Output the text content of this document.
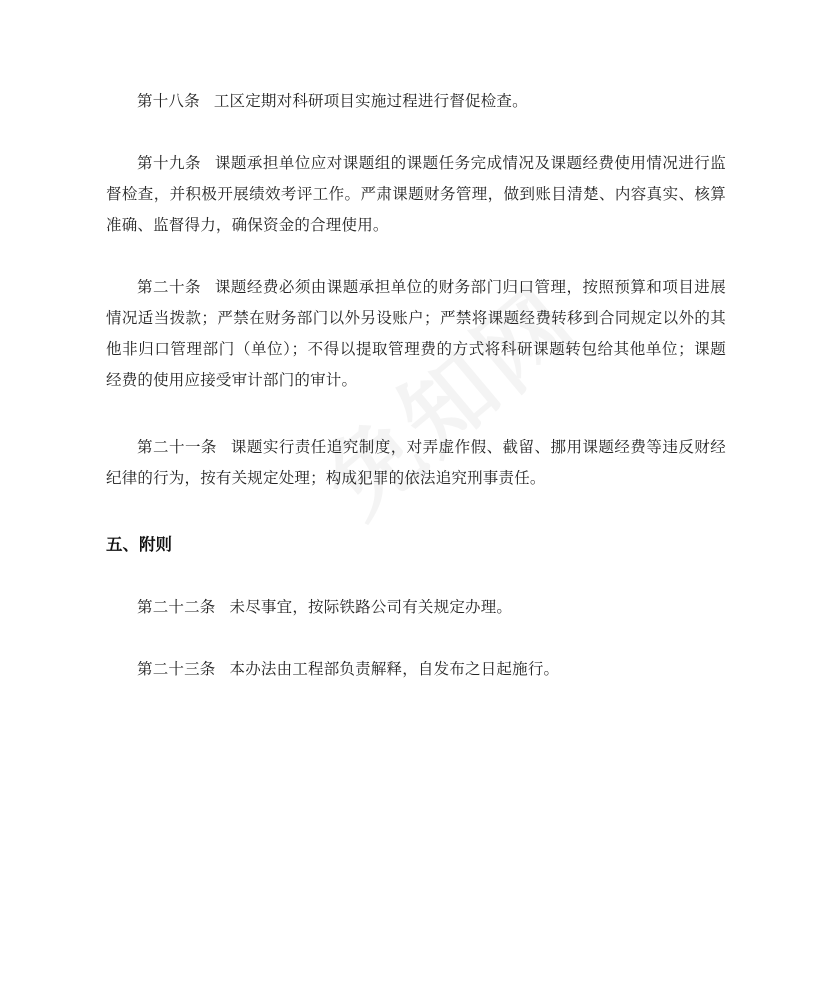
第十八条 工区定期对科研项目实施过程进行督促检查。

第十九条 课题承担单位应对课题组的课题任务完成情况及课题经费使用情况进行监督检查，并积极开展绩效考评工作。严肃课题财务管理，做到账目清楚、内容真实、核算准确、监督得力，确保资金的合理使用。

第二十条 课题经费必须由课题承担单位的财务部门归口管理，按照预算和项目进展情况适当拨款；严禁在财务部门以外另设账户；严禁将课题经费转移到合同规定以外的其他非归口管理部门（单位）；不得以提取管理费的方式将科研课题转包给其他单位；课题经费的使用应接受审计部门的审计。

第二十一条 课题实行责任追究制度，对弄虚作假、截留、挪用课题经费等违反财经纪律的行为，按有关规定处理；构成犯罪的依法追究刑事责任。

五、附则

第二十二条 未尽事宜，按际铁路公司有关规定办理。

第二十三条 本办法由工程部负责解释，自发布之日起施行。
